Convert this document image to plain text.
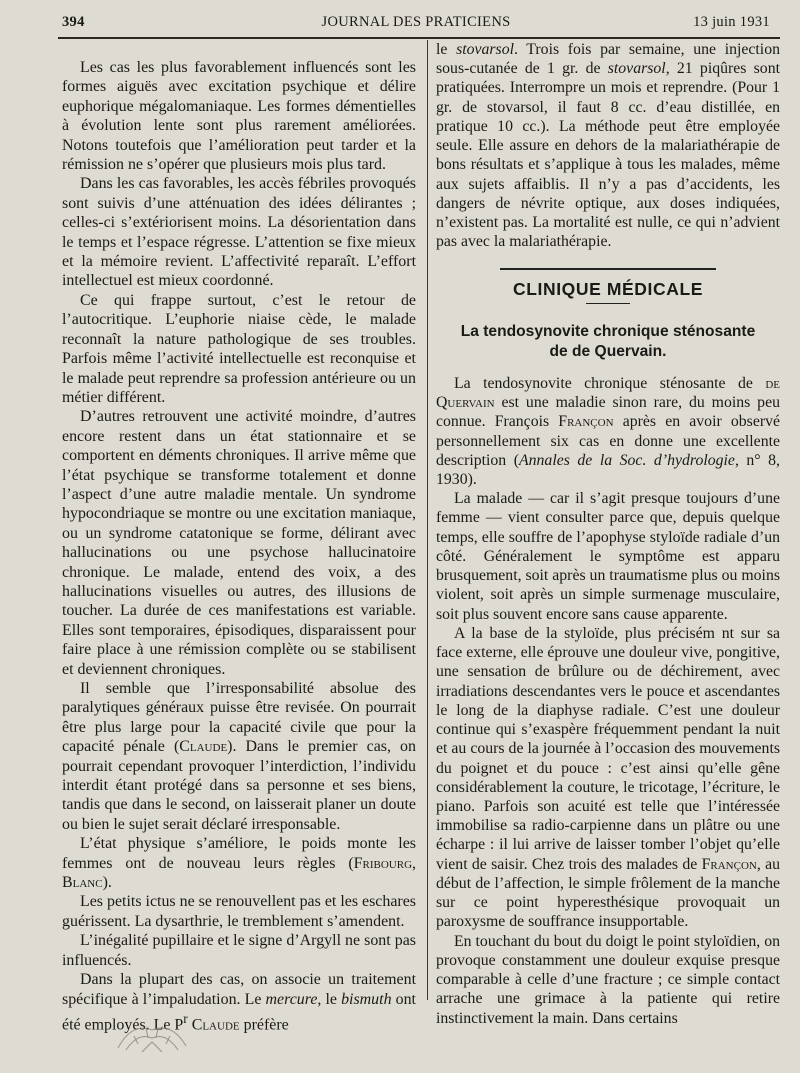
394	JOURNAL DES PRATICIENS	13 juin 1931

Les cas les plus favorablement influencés sont les formes aiguës avec excitation psychique et délire euphorique mégalomaniaque. Les formes démentielles à évolution lente sont plus rarement améliorées. Notons toutefois que l’amélioration peut tarder et la rémission ne s’opérer que plusieurs mois plus tard.

Dans les cas favorables, les accès fébriles provoqués sont suivis d’une atténuation des idées délirantes ; celles-ci s’extériorisent moins. La désorientation dans le temps et l’espace régresse. L’attention se fixe mieux et la mémoire revient. L’affectivité reparaît. L’effort intellectuel est mieux coordonné.

Ce qui frappe surtout, c’est le retour de l’autocritique. L’euphorie niaise cède, le malade reconnaît la nature pathologique de ses troubles. Parfois même l’activité intellectuelle est reconquise et le malade peut reprendre sa profession antérieure ou un métier différent.

D’autres retrouvent une activité moindre, d’autres encore restent dans un état stationnaire et se comportent en déments chroniques. Il arrive même que l’état psychique se transforme totalement et donne l’aspect d’une autre maladie mentale. Un syndrome hypocondriaque se montre ou une excitation maniaque, ou un syndrome catatonique se forme, délirant avec hallucinations ou une psychose hallucinatoire chronique. Le malade, entend des voix, a des hallucinations visuelles ou autres, des illusions de toucher. La durée de ces manifestations est variable. Elles sont temporaires, épisodiques, disparaissent pour faire place à une rémission complète ou se stabilisent et deviennent chroniques.

Il semble que l’irresponsabilité absolue des paralytiques généraux puisse être revisée. On pourrait être plus large pour la capacité civile que pour la capacité pénale (Claude). Dans le premier cas, on pourrait cependant provoquer l’interdiction, l’individu interdit étant protégé dans sa personne et ses biens, tandis que dans le second, on laisserait planer un doute ou bien le sujet serait déclaré irresponsable.

L’état physique s’améliore, le poids monte les femmes ont de nouveau leurs règles (Fribourg, Blanc).

Les petits ictus ne se renouvellent pas et les eschares guérissent. La dysarthrie, le tremblement s’amendent.

L’inégalité pupillaire et le signe d’Argyll ne sont pas influencés.

Dans la plupart des cas, on associe un traitement spécifique à l’impaludation. Le mercure, le bismuth ont été employés. Le $P^r$ Claude préfère

le stovarsol. Trois fois par semaine, une injection sous-cutanée de 1 gr. de stovarsol, 21 piqûres sont pratiquées. Interrompre un mois et reprendre. (Pour 1 gr. de stovarsol, il faut 8 cc. d’eau distillée, en pratique 10 cc.). La méthode peut être employée seule. Elle assure en dehors de la malariathérapie de bons résultats et s’applique à tous les malades, même aux sujets affaiblis. Il n’y a pas d’accidents, les dangers de névrite optique, aux doses indiquées, n’existent pas. La mortalité est nulle, ce qui n’advient pas avec la malariathérapie.

CLINIQUE MÉDICALE
La tendosynovite chronique sténosante
de de Quervain.

La tendosynovite chronique sténosante de de Quervain est une maladie sinon rare, du moins peu connue. François Françon après en avoir observé personnellement six cas en donne une excellente description (Annales de la Soc. d’hydrologie, n° 8, 1930).

La malade — car il s’agit presque toujours d’une femme — vient consulter parce que, depuis quelque temps, elle souffre de l’apophyse styloïde radiale d’un côté. Généralement le symptôme est apparu brusquement, soit après un traumatisme plus ou moins violent, soit après un simple surmenage musculaire, soit plus souvent encore sans cause apparente.

A la base de la styloïde, plus précisém nt sur sa face externe, elle éprouve une douleur vive, pongitive, une sensation de brûlure ou de déchirement, avec irradiations descendantes vers le pouce et ascendantes le long de la diaphyse radiale. C’est une douleur continue qui s’exaspère fréquemment pendant la nuit et au cours de la journée à l’occasion des mouvements du poignet et du pouce : c’est ainsi qu’elle gêne considérablement la couture, le tricotage, l’écriture, le piano. Parfois son acuité est telle que l’intéressée immobilise sa radio-carpienne dans un plâtre ou une écharpe : il lui arrive de laisser tomber l’objet qu’elle vient de saisir. Chez trois des malades de Françon, au début de l’affection, le simple frôlement de la manche sur ce point hyperesthésique provoquait un paroxysme de souffrance insupportable.

En touchant du bout du doigt le point styloïdien, on provoque constamment une douleur exquise presque comparable à celle d’une fracture ; ce simple contact arrache une grimace à la patiente qui retire instinctivement la main. Dans certains
